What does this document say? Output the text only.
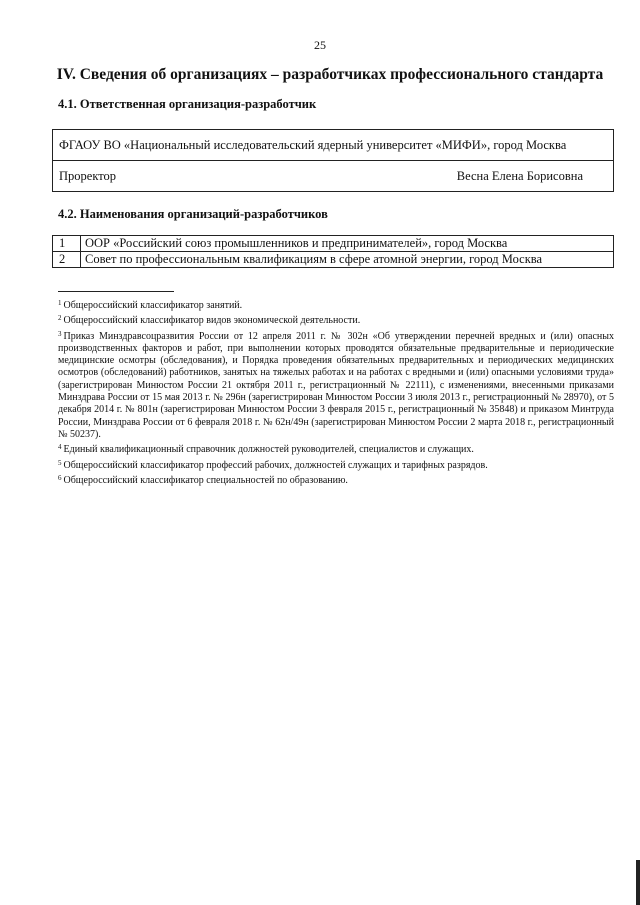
25
IV. Сведения об организациях – разработчиках профессионального стандарта
4.1. Ответственная организация-разработчик
ФГАОУ ВО «Национальный исследовательский ядерный университет «МИФИ», город Москва

Проректор	Весна Елена Борисовна
4.2. Наименования организаций-разработчиков
1	ООР «Российский союз промышленников и предпринимателей», город Москва
2	Совет по профессиональным квалификациям в сфере атомной энергии, город Москва

$^1$ Общероссийский классификатор занятий.

$^2$ Общероссийский классификатор видов экономической деятельности.

$^3$ Приказ Минздравсоцразвития России от 12 апреля 2011 г. № 302н «Об утверждении перечней вредных и (или) опасных производственных факторов и работ, при выполнении которых проводятся обязательные предварительные и периодические медицинские осмотры (обследования), и Порядка проведения обязательных предварительных и периодических медицинских осмотров (обследований) работников, занятых на тяжелых работах и на работах с вредными и (или) опасными условиями труда» (зарегистрирован Минюстом России 21 октября 2011 г., регистрационный № 22111), с изменениями, внесенными приказами Минздрава России от 15 мая 2013 г. № 296н (зарегистрирован Минюстом России 3 июля 2013 г., регистрационный № 28970), от 5 декабря 2014 г. № 801н (зарегистрирован Минюстом России 3 февраля 2015 г., регистрационный № 35848) и приказом Минтруда России, Минздрава России от 6 февраля 2018 г. № 62н/49н (зарегистрирован Минюстом России 2 марта 2018 г., регистрационный № 50237).

$^4$ Единый квалификационный справочник должностей руководителей, специалистов и служащих.

$^5$ Общероссийский классификатор профессий рабочих, должностей служащих и тарифных разрядов.

$^6$ Общероссийский классификатор специальностей по образованию.
